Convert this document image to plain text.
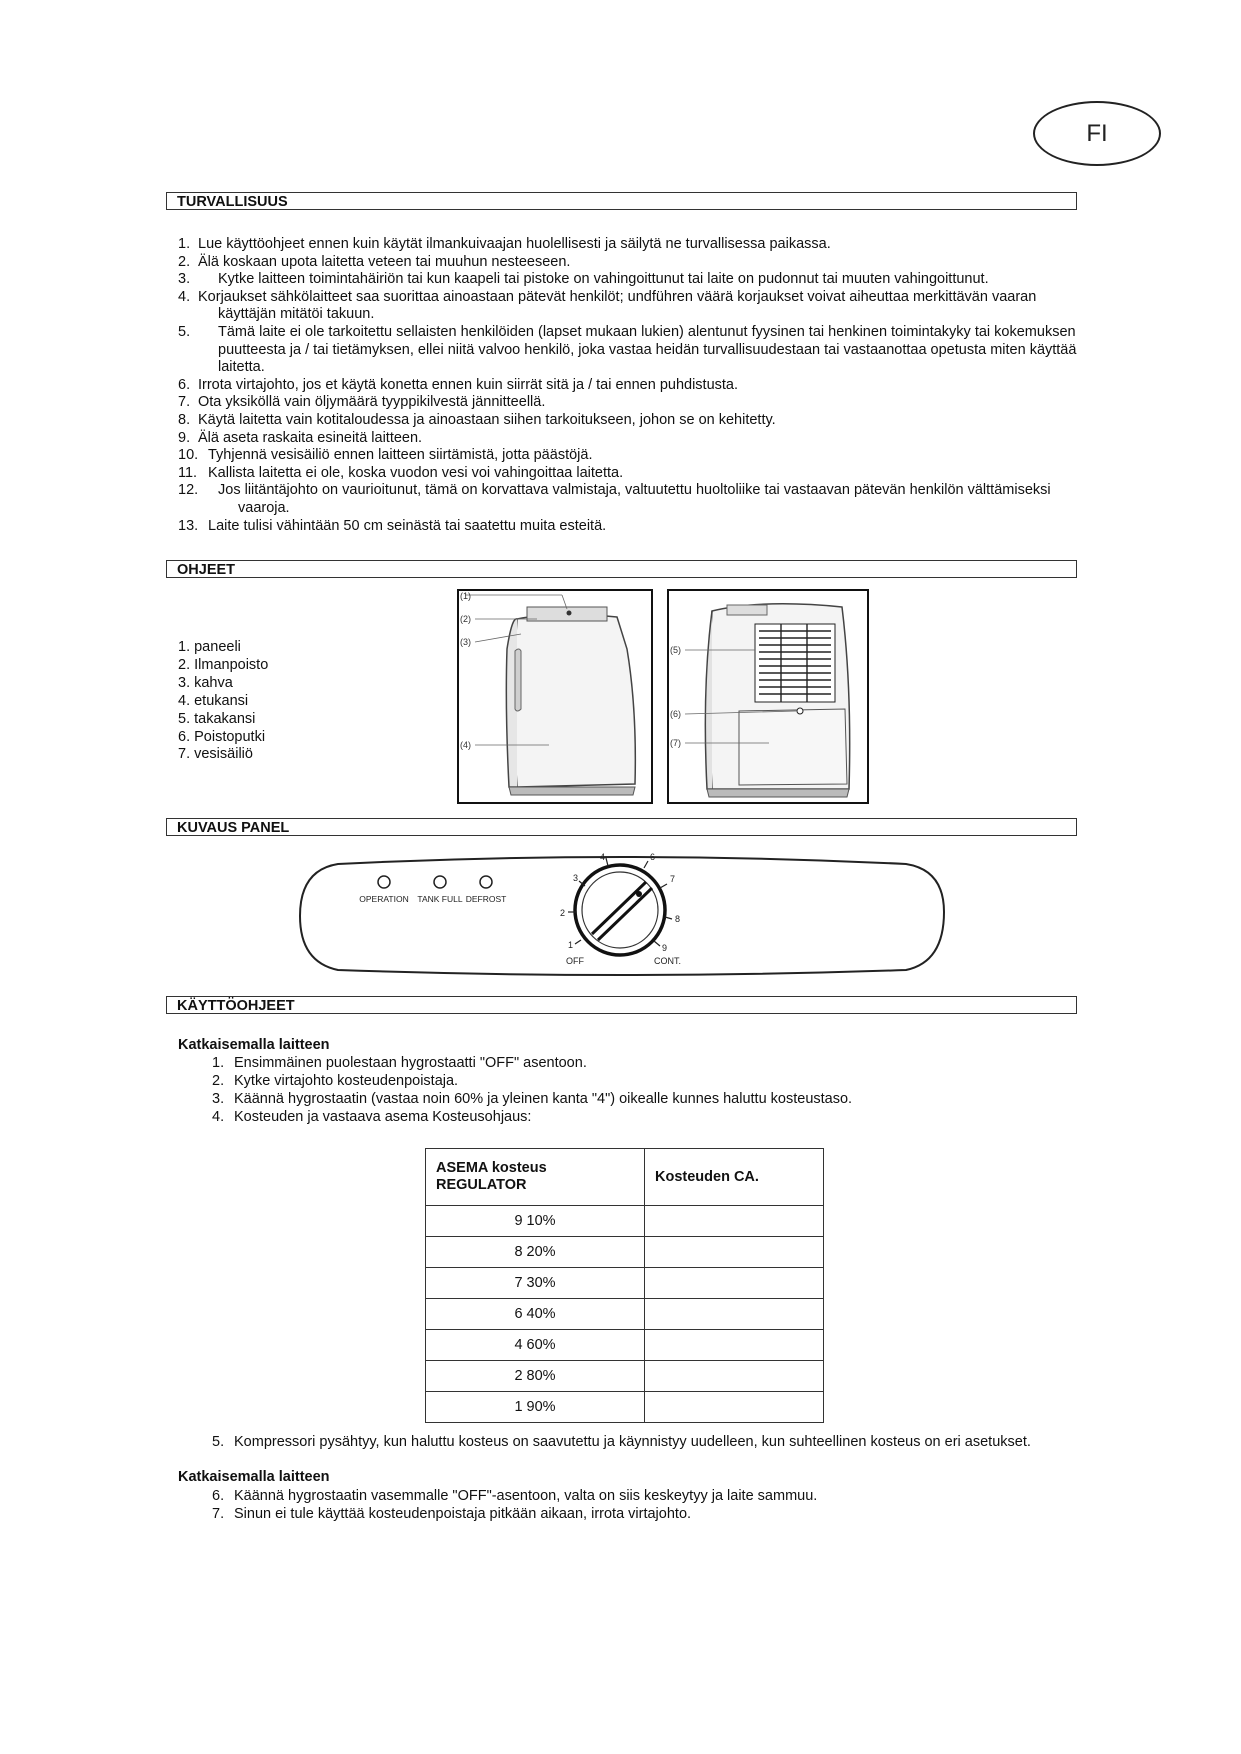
FI
TURVALLISUUS
1. Lue käyttöohjeet ennen kuin käytät ilmankuivaajan huolellisesti ja säilytä ne turvallisessa paikassa.
2. Älä koskaan upota laitetta veteen tai muuhun nesteeseen.
3.	Kytke laitteen toimintahäiriön tai kun kaapeli tai pistoke on vahingoittunut tai laite on pudonnut tai muuten vahingoittunut.
4. Korjaukset sähkölaitteet saa suorittaa ainoastaan pätevät henkilöt; undführen väärä korjaukset voivat aiheuttaa merkittävän vaaran käyttäjän mitätöi takuun.
5.	Tämä laite ei ole tarkoitettu sellaisten henkilöiden (lapset mukaan lukien) alentunut fyysinen tai henkinen toimintakyky tai kokemuksen puutteesta ja / tai tietämyksen, ellei niitä valvoo henkilö, joka vastaa heidän turvallisuudestaan tai vastaanottaa opetusta miten käyttää laitetta.
6. Irrota virtajohto, jos et käytä konetta ennen kuin siirrät sitä ja / tai ennen puhdistusta.
7. Ota yksiköllä vain öljymäärä tyyppikilvestä jännitteellä.
8. Käytä laitetta vain kotitaloudessa ja ainoastaan siihen tarkoitukseen, johon se on kehitetty.
9. Älä aseta raskaita esineitä laitteen.
10. Tyhjennä vesisäiliö ennen laitteen siirtämistä, jotta päästöjä.
11. Kallista laitetta ei ole, koska vuodon vesi voi vahingoittaa laitetta.
12.	Jos liitäntäjohto on vaurioitunut, tämä on korvattava valmistaja, valtuutettu huoltoliike tai vastaavan pätevän henkilön välttämiseksi vaaroja.
13. Laite tulisi vähintään 50 cm seinästä tai saatettu muita esteitä.
OHJEET
1. paneeli
2. Ilmanpoisto
3. kahva
4. etukansi
5. takakansi
6. Poistoputki
7. vesisäiliö
(1)
(2)
(3)
(4)
(5)
(6)
(7)
KUVAUS PANEL
OPERATION TANK FULL DEFROST
1
2
3
4	6
7
8
9
OFF	CONT.
KÄYTTÖOHJEET
Katkaisemalla laitteen
1. Ensimmäinen puolestaan hygrostaatti "OFF" asentoon.
2. Kytke virtajohto kosteudenpoistaja.
3. Käännä hygrostaatin (vastaa noin 60% ja yleinen kanta "4") oikealle kunnes haluttu kosteustaso.
4. Kosteuden ja vastaava asema Kosteusohjaus:
ASEMA kosteus REGULATOR	Kosteuden CA.
9 10%	
8 20%	
7 30%	
6 40%	
4 60%	
2 80%	
1 90%	
5. Kompressori pysähtyy, kun haluttu kosteus on saavutettu ja käynnistyy uudelleen, kun suhteellinen kosteus on eri asetukset.
Katkaisemalla laitteen
6. Käännä hygrostaatin vasemmalle "OFF"-asentoon, valta on siis keskeytyy ja laite sammuu.
7. Sinun ei tule käyttää kosteudenpoistaja pitkään aikaan, irrota virtajohto.
